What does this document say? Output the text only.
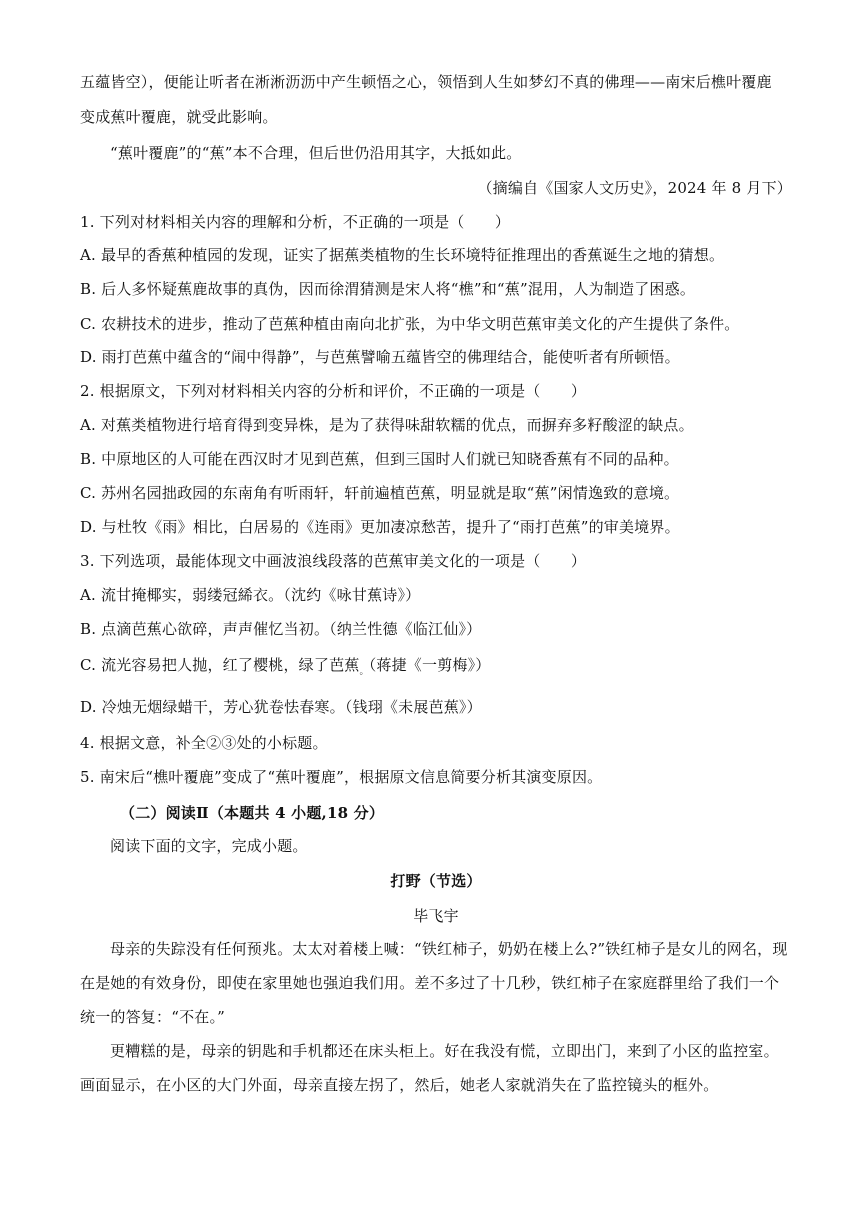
五蕴皆空），便能让听者在淅淅沥沥中产生顿悟之心，领悟到人生如梦幻不真的佛理——南宋后樵叶覆鹿
变成蕉叶覆鹿，就受此影响。
“蕉叶覆鹿”的“蕉”本不合理，但后世仍沿用其字，大抵如此。
（摘编自《国家人文历史》，2024 年 8 月下）
1. 下列对材料相关内容的理解和分析，不正确的一项是（　　）
A. 最早的香蕉种植园的发现，证实了据蕉类植物的生长环境特征推理出的香蕉诞生之地的猜想。
B. 后人多怀疑蕉鹿故事的真伪，因而徐渭猜测是宋人将“樵”和“蕉”混用，人为制造了困惑。
C. 农耕技术的进步，推动了芭蕉种植由南向北扩张，为中华文明芭蕉审美文化的产生提供了条件。
D. 雨打芭蕉中蕴含的“闹中得静”，与芭蕉譬喻五蕴皆空的佛理结合，能使听者有所顿悟。
2. 根据原文，下列对材料相关内容的分析和评价，不正确的一项是（　　）
A. 对蕉类植物进行培育得到变异株，是为了获得味甜软糯的优点，而摒弃多籽酸涩的缺点。
B. 中原地区的人可能在西汉时才见到芭蕉，但到三国时人们就已知晓香蕉有不同的品种。
C. 苏州名园拙政园的东南角有听雨轩，轩前遍植芭蕉，明显就是取“蕉”闲情逸致的意境。
D. 与杜牧《雨》相比，白居易的《连雨》更加凄凉愁苦，提升了“雨打芭蕉”的审美境界。
3. 下列选项，最能体现文中画波浪线段落的芭蕉审美文化的一项是（　　）
A. 流甘掩椰实，弱缕冠絺衣。（沈约《咏甘蕉诗》）
B. 点滴芭蕉心欲碎，声声催忆当初。（纳兰性德《临江仙》）
C. 流光容易把人抛，红了樱桃，绿了芭蕉$_。$（蒋捷《一剪梅》）
D. 冷烛无烟绿蜡干，芳心犹卷怯春寒。（钱珝《未展芭蕉》）
4. 根据文意，补全②③处的小标题。
5. 南宋后“樵叶覆鹿”变成了“蕉叶覆鹿”，根据原文信息简要分析其演变原因。
（二）阅读Ⅱ（本题共 4 小题,18 分）
阅读下面的文字，完成小题。
打野（节选）
毕飞宇
母亲的失踪没有任何预兆。太太对着楼上喊：“铁红柿子，奶奶在楼上么?”铁红柿子是女儿的网名，现
在是她的有效身份，即使在家里她也强迫我们用。差不多过了十几秒，铁红柿子在家庭群里给了我们一个
统一的答复：“不在。”
更糟糕的是，母亲的钥匙和手机都还在床头柜上。好在我没有慌，立即出门，来到了小区的监控室。
画面显示，在小区的大门外面，母亲直接左拐了，然后，她老人家就消失在了监控镜头的框外。
